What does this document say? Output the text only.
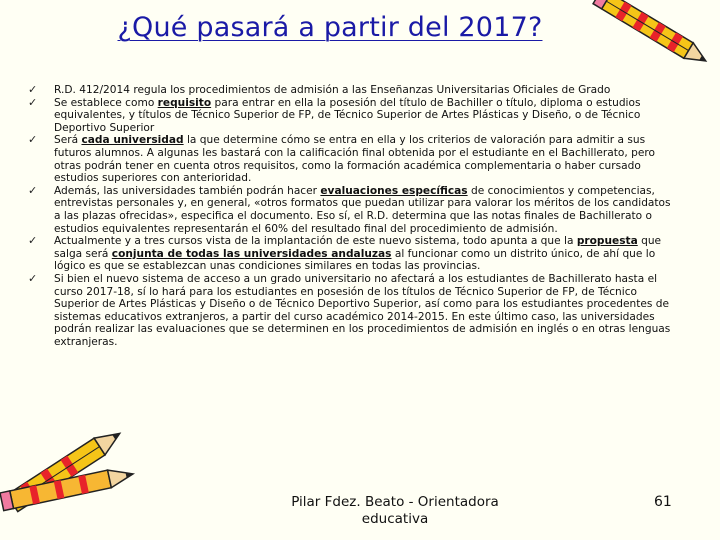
¿Qué pasará a partir del 2017?
✓ R.D. 412/2014 regula los procedimientos de admisión a las Enseñanzas Universitarias Oficiales de Grado
✓ Se establece como requisito para entrar en ella la posesión del título de Bachiller o título, diploma o estudios equivalentes, y títulos de Técnico Superior de FP, de Técnico Superior de Artes Plásticas y Diseño, o de Técnico Deportivo Superior
✓ Será cada universidad la que determine cómo se entra en ella y los criterios de valoración para admitir a sus futuros alumnos. A algunas les bastará con la calificación final obtenida por el estudiante en el Bachillerato, pero otras podrán tener en cuenta otros requisitos, como la formación académica complementaria o haber cursado estudios superiores con anterioridad.
✓ Además, las universidades también podrán hacer evaluaciones específicas de conocimientos y competencias, entrevistas personales y, en general, «otros formatos que puedan utilizar para valorar los méritos de los candidatos a las plazas ofrecidas», especifica el documento. Eso sí, el R.D. determina que las notas finales de Bachillerato o estudios equivalentes representarán el 60% del resultado final del procedimiento de admisión.
✓ Actualmente y a tres cursos vista de la implantación de este nuevo sistema, todo apunta a que la propuesta que salga será conjunta de todas las universidades andaluzas al funcionar como un distrito único, de ahí que lo lógico es que se establezcan unas condiciones similares en todas las provincias.
✓ Si bien el nuevo sistema de acceso a un grado universitario no afectará a los estudiantes de Bachillerato hasta el curso 2017-18, sí lo hará para los estudiantes en posesión de los títulos de Técnico Superior de FP, de Técnico Superior de Artes Plásticas y Diseño o de Técnico Deportivo Superior, así como para los estudiantes procedentes de sistemas educativos extranjeros, a partir del curso académico 2014-2015. En este último caso, las universidades podrán realizar las evaluaciones que se determinen en los procedimientos de admisión en inglés o en otras lenguas extranjeras.
Pilar Fdez. Beato - Orientadora
educativa
61
